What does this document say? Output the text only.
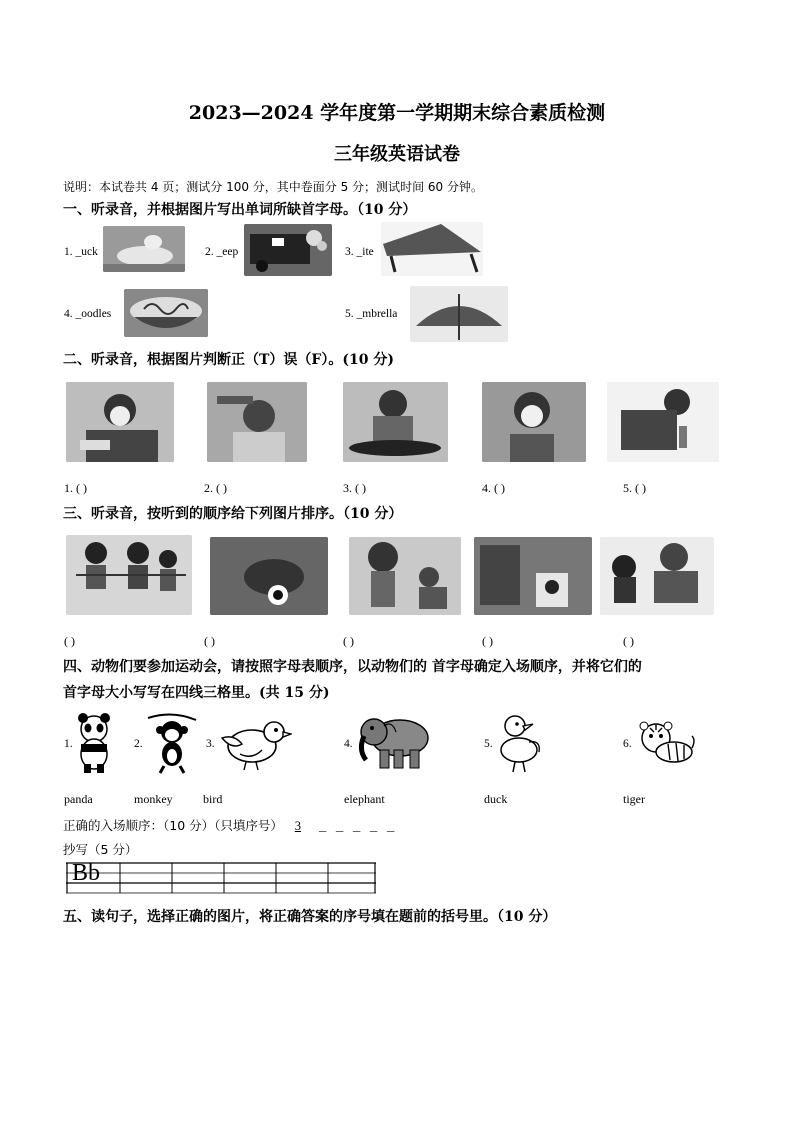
2023—2024 学年度第一学期期末综合素质检测
三年级英语试卷
说明：本试卷共 4 页；测试分 100 分，其中卷面分 5 分；测试时间 60 分钟。
一、听录音，并根据图片写出单词所缺首字母。（10 分）
1. _uck	2. _eep	3. _ite
4. _oodles	5. _mbrella
二、听录音，根据图片判断正（T）误（F）。(10 分)
1. ( )	2. ( )	3. ( )	4. ( )	5. ( )
三、听录音，按听到的顺序给下列图片排序。（10 分）
( )	( )	( )	( )	( )
四、动物们要参加运动会，请按照字母表顺序，以动物们的 首字母确定入场顺序，并将它们的
首字母大小写写在四线三格里。(共 15 分)
1.
panda
2.
monkey
3.
bird
4.
elephant
5.
duck
6.
tiger
正确的入场顺序：（10 分）（只填序号） 3 _ _ _ _ _
抄写（5 分）
Bb
五、读句子，选择正确的图片，将正确答案的序号填在题前的括号里。（10 分）
